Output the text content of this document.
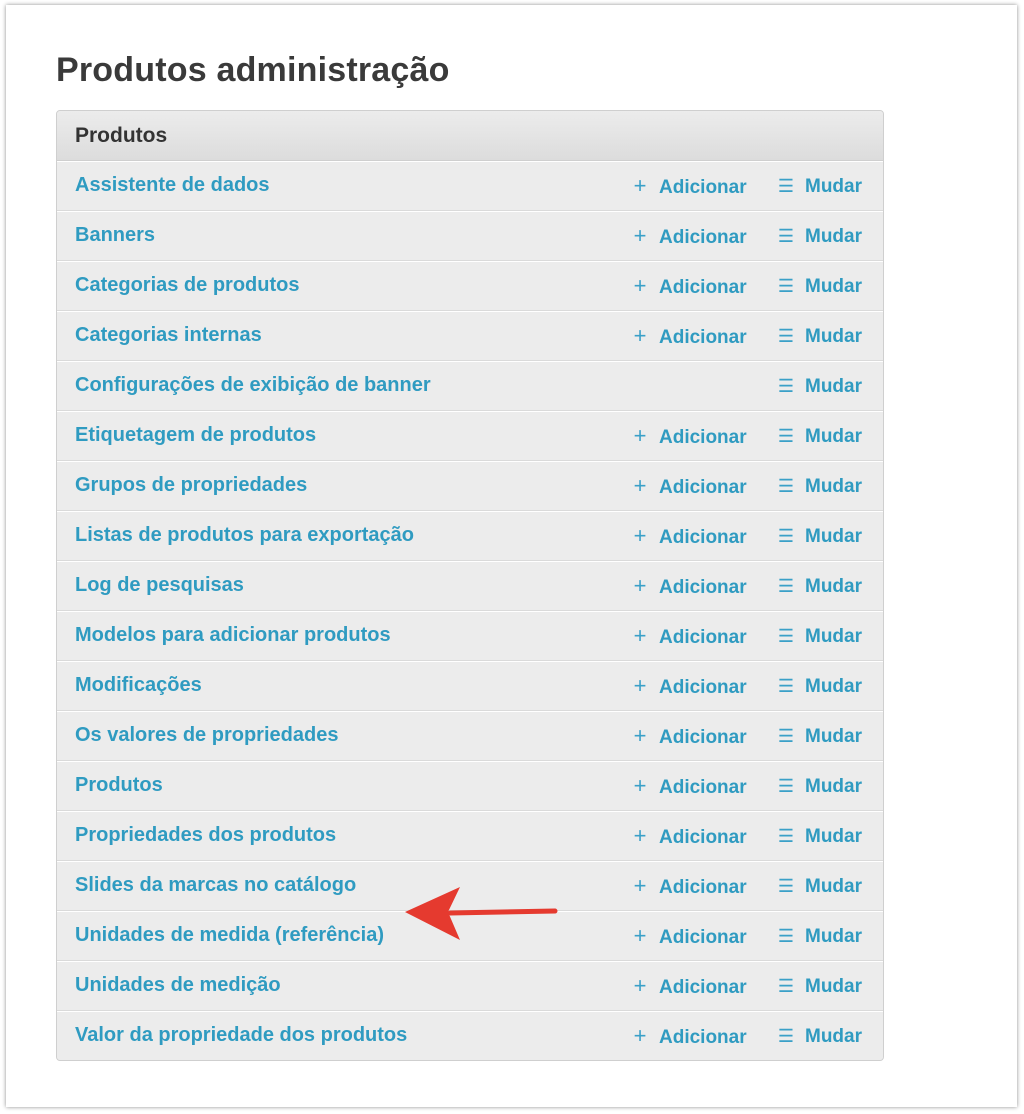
Produtos administração
Produtos
Assistente de dados	+ Adicionar ☰ Mudar
Banners	+ Adicionar ☰ Mudar
Categorias de produtos	+ Adicionar ☰ Mudar
Categorias internas	+ Adicionar ☰ Mudar
Configurações de exibição de banner	☰ Mudar
Etiquetagem de produtos	+ Adicionar ☰ Mudar
Grupos de propriedades	+ Adicionar ☰ Mudar
Listas de produtos para exportação	+ Adicionar ☰ Mudar
Log de pesquisas	+ Adicionar ☰ Mudar
Modelos para adicionar produtos	+ Adicionar ☰ Mudar
Modificações	+ Adicionar ☰ Mudar
Os valores de propriedades	+ Adicionar ☰ Mudar
Produtos	+ Adicionar ☰ Mudar
Propriedades dos produtos	+ Adicionar ☰ Mudar
Slides da marcas no catálogo	+ Adicionar ☰ Mudar
Unidades de medida (referência)	+ Adicionar ☰ Mudar
Unidades de medição	+ Adicionar ☰ Mudar
Valor da propriedade dos produtos	+ Adicionar ☰ Mudar
